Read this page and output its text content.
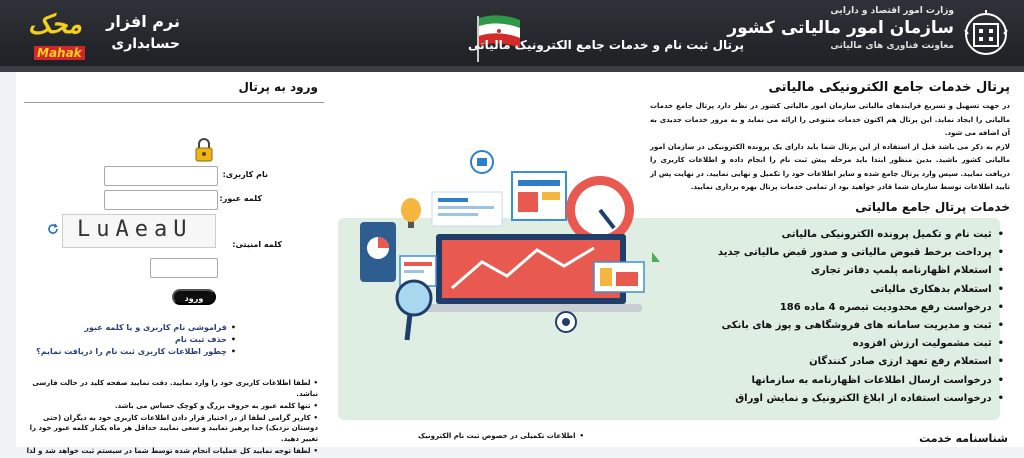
وزارت امور اقتصاد و دارایی
سازمان امور مالیاتی کشور
معاونت فناوری های مالیاتی
پرتال ثبت نام و خدمات جامع الکترونیک مالیاتی
نرم افزار
حسابداری
محک
Mahak
ورود به پرتال
نام کاربری:
کلمه عبور:
LuAeaU
کلمه امنیتی:
ورود
• فراموشی نام کاربری و یا کلمه عبور
• حذف ثبت نام
• چطور اطلاعات کاربری ثبت نام را دریافت نمایم؟
• لطفا اطلاعات کاربری خود را وارد نمایید. دقت نمایید صفحه کلید در حالت فارسی نباشد.
• تنها کلمه عبور به حروف بزرگ و کوچک حساس می باشد.
• کاربر گرامی لطفا از در اختیار قرار دادن اطلاعات کاربری خود به دیگران (حتی دوستان نزدیک) جدا پرهیز نمایید و سعی نمایید حداقل هر ماه یکبار کلمه عبور خود را تغییر دهید.
• لطفا توجه نمایید کل عملیات انجام شده توسط شما در سیستم ثبت خواهد شد و لذا
پرتال خدمات جامع الکترونیکی مالیاتی

در جهت تسهیل و تسریع فرایندهای مالیاتی سازمان امور مالیاتی کشور در نظر دارد پرتال جامع خدمات مالیاتی را ایجاد نماید. این پرتال هم اکنون خدمات متنوعی را ارائه می نماید و به مرور خدمات جدیدی به آن اضافه می شود.

لازم به ذکر می باشد قبل از استفاده از این پرتال شما باید دارای یک پرونده الکترونیکی در سازمان امور مالیاتی کشور باشید. بدین منظور ابتدا باید مرحله پیش ثبت نام را انجام داده و اطلاعات کاربری را دریافت نمایید. سپس وارد پرتال جامع شده و سایر اطلاعات خود را تکمیل و نهایی نمایید. در نهایت پس از تایید اطلاعات توسط سازمان شما قادر خواهید بود از تمامی خدمات پرتال بهره برداری نمایید.

خدمات پرتال جامع مالیاتی
• ثبت نام و تکمیل پرونده الکترونیکی مالیاتی
• پرداخت برخط قبوض مالیاتی و صدور قبض مالیاتی جدید
• استعلام اظهارنامه پلمپ دفاتر تجاری
• استعلام بدهکاری مالیاتی
• درخواست رفع محدودیت تبصره 4 ماده 186
• ثبت و مدیریت سامانه های فروشگاهی و پوز های بانکی
• ثبت مشمولیت ارزش افزوده
• استعلام رفع تعهد ارزی صادر کنندگان
• درخواست ارسال اطلاعات اظهارنامه به سازمانها
• درخواست استفاده از ابلاغ الکترونیک و نمایش اوراق
• اطلاعات تکمیلی در خصوص ثبت نام الکترونیک	شناسنامه خدمت
